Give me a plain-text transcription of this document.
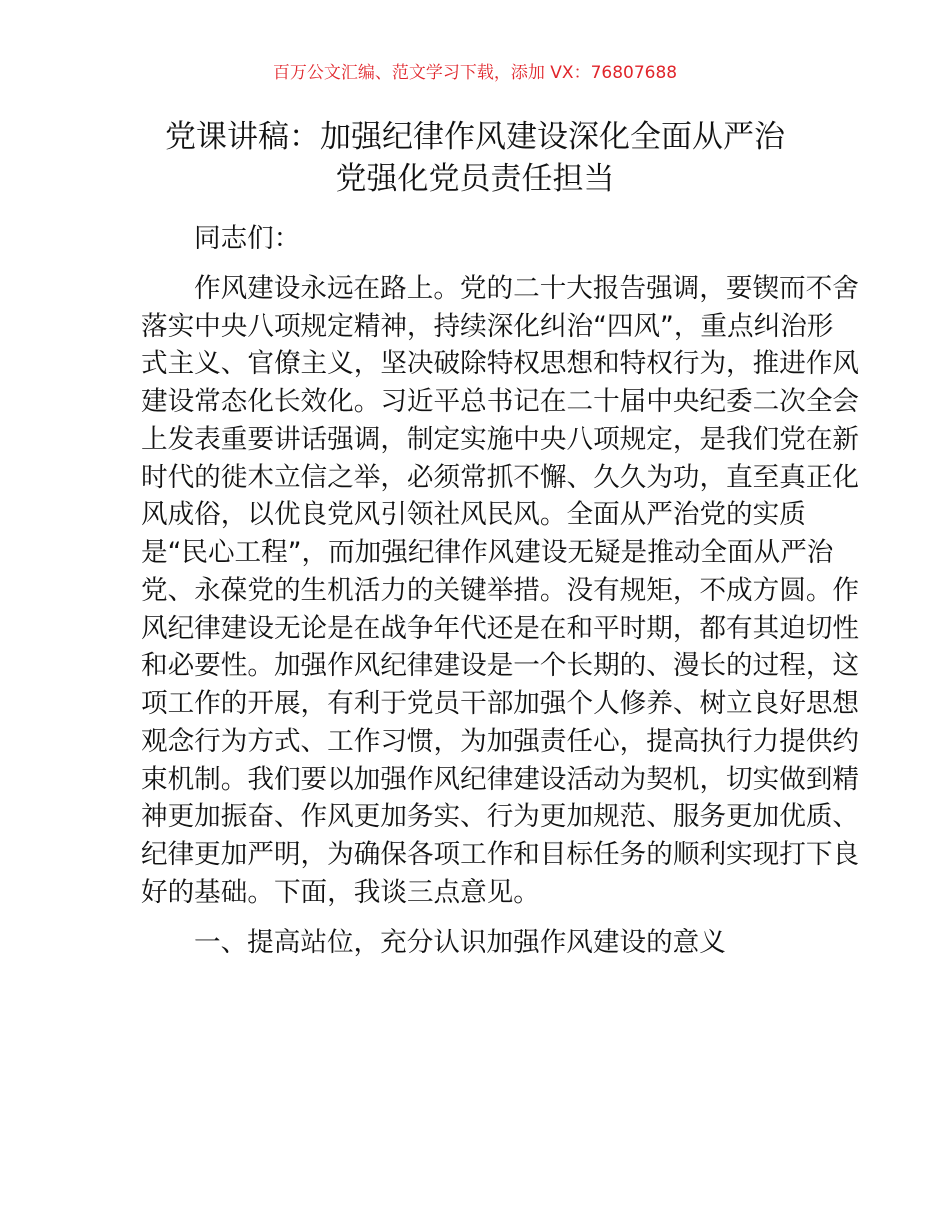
百万公文汇编、范文学习下载，添加 VX：76807688
党课讲稿：加强纪律作风建设深化全面从严治
党强化党员责任担当
同志们：
作风建设永远在路上。党的二十大报告强调，要锲而不舍
落实中央八项规定精神，持续深化纠治“四风”，重点纠治形
式主义、官僚主义，坚决破除特权思想和特权行为，推进作风
建设常态化长效化。习近平总书记在二十届中央纪委二次全会
上发表重要讲话强调，制定实施中央八项规定，是我们党在新
时代的徙木立信之举，必须常抓不懈、久久为功，直至真正化
风成俗，以优良党风引领社风民风。全面从严治党的实质
是“民心工程”，而加强纪律作风建设无疑是推动全面从严治
党、永葆党的生机活力的关键举措。没有规矩，不成方圆。作
风纪律建设无论是在战争年代还是在和平时期，都有其迫切性
和必要性。加强作风纪律建设是一个长期的、漫长的过程，这
项工作的开展，有利于党员干部加强个人修养、树立良好思想
观念行为方式、工作习惯，为加强责任心，提高执行力提供约
束机制。我们要以加强作风纪律建设活动为契机，切实做到精
神更加振奋、作风更加务实、行为更加规范、服务更加优质、
纪律更加严明，为确保各项工作和目标任务的顺利实现打下良
好的基础。下面，我谈三点意见。
一、提高站位，充分认识加强作风建设的意义
